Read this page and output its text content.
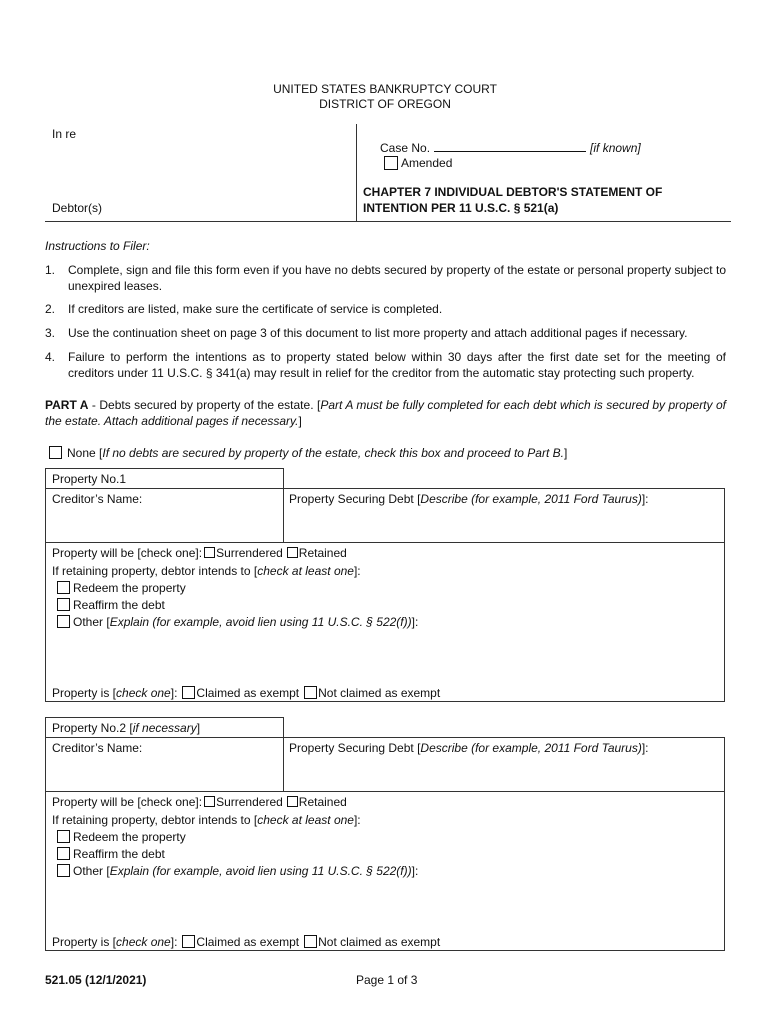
UNITED STATES BANKRUPTCY COURT
DISTRICT OF OREGON
In re
Debtor(s)
Case No.	[if known]
Amended
CHAPTER 7 INDIVIDUAL DEBTOR'S STATEMENT OF
INTENTION PER 11 U.S.C. § 521(a)
Instructions to Filer:
1. Complete, sign and file this form even if you have no debts secured by property of the estate or personal property subject to unexpired leases.
2. If creditors are listed, make sure the certificate of service is completed.
3. Use the continuation sheet on page 3 of this document to list more property and attach additional pages if necessary.
4. Failure to perform the intentions as to property stated below within 30 days after the first date set for the meeting of creditors under 11 U.S.C. § 341(a) may result in relief for the creditor from the automatic stay protecting such property.
PART A - Debts secured by property of the estate. [Part A must be fully completed for each debt which is secured by property of the estate. Attach additional pages if necessary.]
None [If no debts are secured by property of the estate, check this box and proceed to Part B.]
Property No.1
Creditor’s Name:	Property Securing Debt [Describe (for example, 2011 Ford Taurus)]:
Property will be [check one]: Surrendered Retained
If retaining property, debtor intends to [check at least one]:
Redeem the property
Reaffirm the debt
Other [Explain (for example, avoid lien using 11 U.S.C. § 522(f))]:
Property is [check one]: Claimed as exempt Not claimed as exempt
Property No.2 [if necessary]
Creditor’s Name:	Property Securing Debt [Describe (for example, 2011 Ford Taurus)]:
Property will be [check one]: Surrendered Retained
If retaining property, debtor intends to [check at least one]:
Redeem the property
Reaffirm the debt
Other [Explain (for example, avoid lien using 11 U.S.C. § 522(f))]:
Property is [check one]: Claimed as exempt Not claimed as exempt
521.05 (12/1/2021)	Page 1 of 3
